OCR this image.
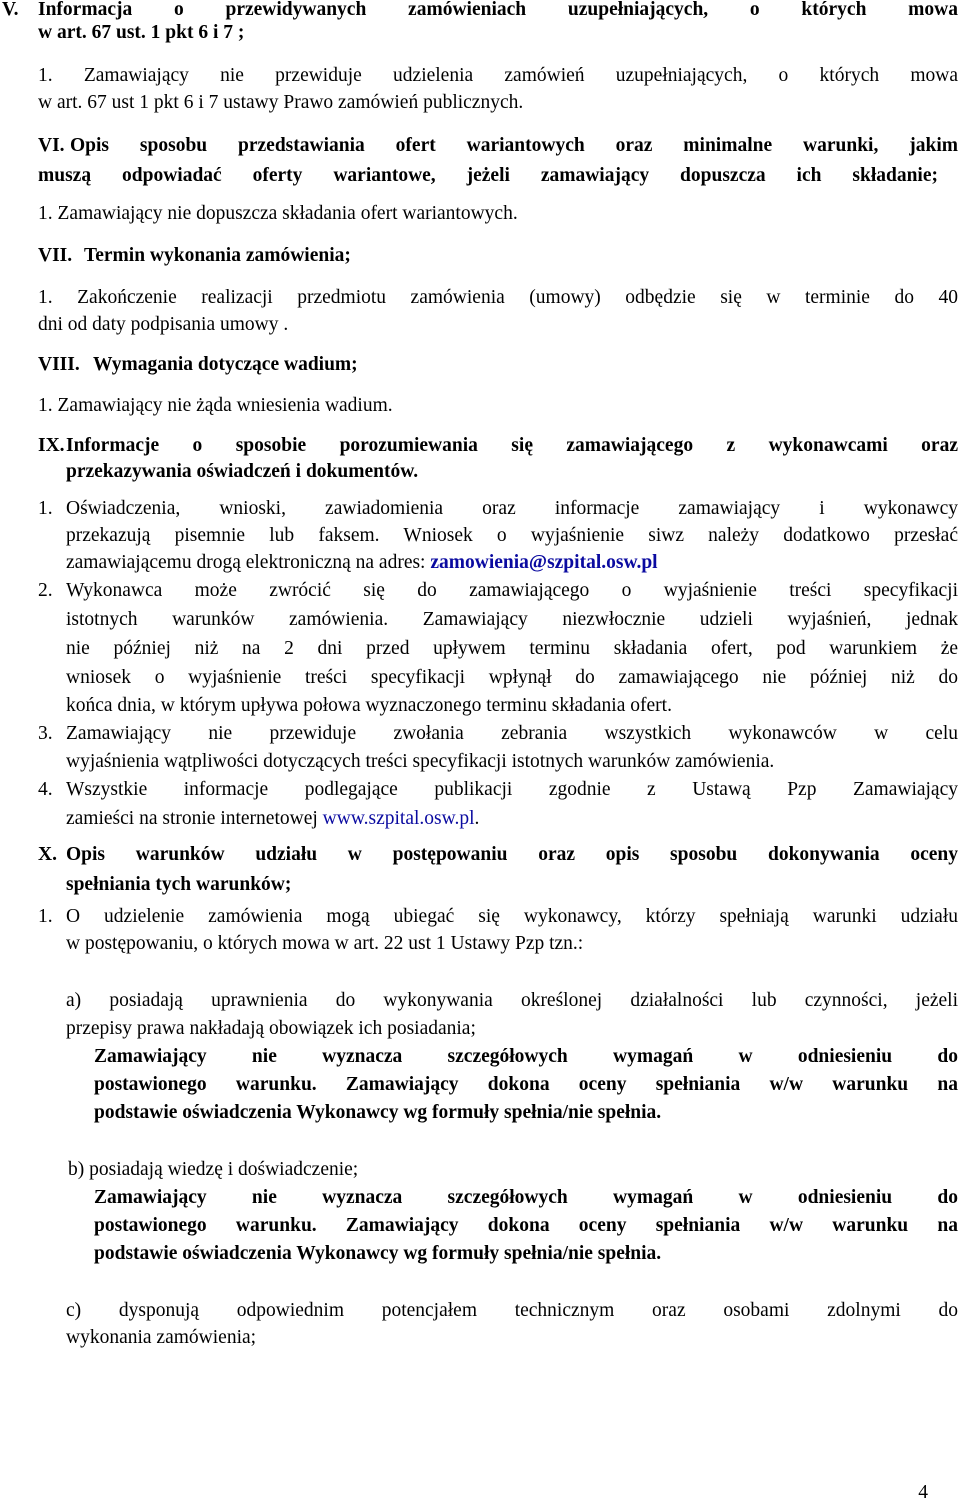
V. Informacja o przewidywanych zamówieniach uzupełniających, o których mowa
w art. 67 ust. 1 pkt 6 i 7 ;
1. Zamawiający nie przewiduje udzielenia zamówień uzupełniających, o których mowa
w art. 67 ust 1 pkt 6 i 7 ustawy Prawo zamówień publicznych.
VI. Opis sposobu przedstawiania ofert wariantowych oraz minimalne warunki, jakim
muszą odpowiadać oferty wariantowe, jeżeli zamawiający dopuszcza ich składanie;
1. Zamawiający nie dopuszcza składania ofert wariantowych.
VII. Termin wykonania zamówienia;
1. Zakończenie realizacji przedmiotu zamówienia (umowy) odbędzie się w terminie do 40
dni od daty podpisania umowy .
VIII. Wymagania dotyczące wadium;
1. Zamawiający nie żąda wniesienia wadium.
IX. Informacje o sposobie porozumiewania się zamawiającego z wykonawcami oraz
przekazywania oświadczeń i dokumentów.
1. Oświadczenia, wnioski, zawiadomienia oraz informacje zamawiający i wykonawcy
przekazują pisemnie lub faksem. Wniosek o wyjaśnienie siwz należy dodatkowo przesłać
zamawiającemu drogą elektroniczną na adres: zamowienia@szpital.osw.pl
2. Wykonawca może zwrócić się do zamawiającego o wyjaśnienie treści specyfikacji
istotnych warunków zamówienia. Zamawiający niezwłocznie udzieli wyjaśnień, jednak
nie później niż na 2 dni przed upływem terminu składania ofert, pod warunkiem że
wniosek o wyjaśnienie treści specyfikacji wpłynął do zamawiającego nie później niż do
końca dnia, w którym upływa połowa wyznaczonego terminu składania ofert.
3. Zamawiający nie przewiduje zwołania zebrania wszystkich wykonawców w celu
wyjaśnienia wątpliwości dotyczących treści specyfikacji istotnych warunków zamówienia.
4. Wszystkie informacje podlegające publikacji zgodnie z Ustawą Pzp Zamawiający
zamieści na stronie internetowej www.szpital.osw.pl.
X. Opis warunków udziału w postępowaniu oraz opis sposobu dokonywania oceny
spełniania tych warunków;
1. O udzielenie zamówienia mogą ubiegać się wykonawcy, którzy spełniają warunki udziału
w postępowaniu, o których mowa w art. 22 ust 1 Ustawy Pzp tzn.:
a) posiadają uprawnienia do wykonywania określonej działalności lub czynności, jeżeli
przepisy prawa nakładają obowiązek ich posiadania;
Zamawiający nie wyznacza szczegółowych wymagań w odniesieniu do
postawionego warunku. Zamawiający dokona oceny spełniania w/w warunku na
podstawie oświadczenia Wykonawcy wg formuły spełnia/nie spełnia.
b) posiadają wiedzę i doświadczenie;
Zamawiający nie wyznacza szczegółowych wymagań w odniesieniu do
postawionego warunku. Zamawiający dokona oceny spełniania w/w warunku na
podstawie oświadczenia Wykonawcy wg formuły spełnia/nie spełnia.
c) dysponują odpowiednim potencjałem technicznym oraz osobami zdolnymi do
wykonania zamówienia;
4
